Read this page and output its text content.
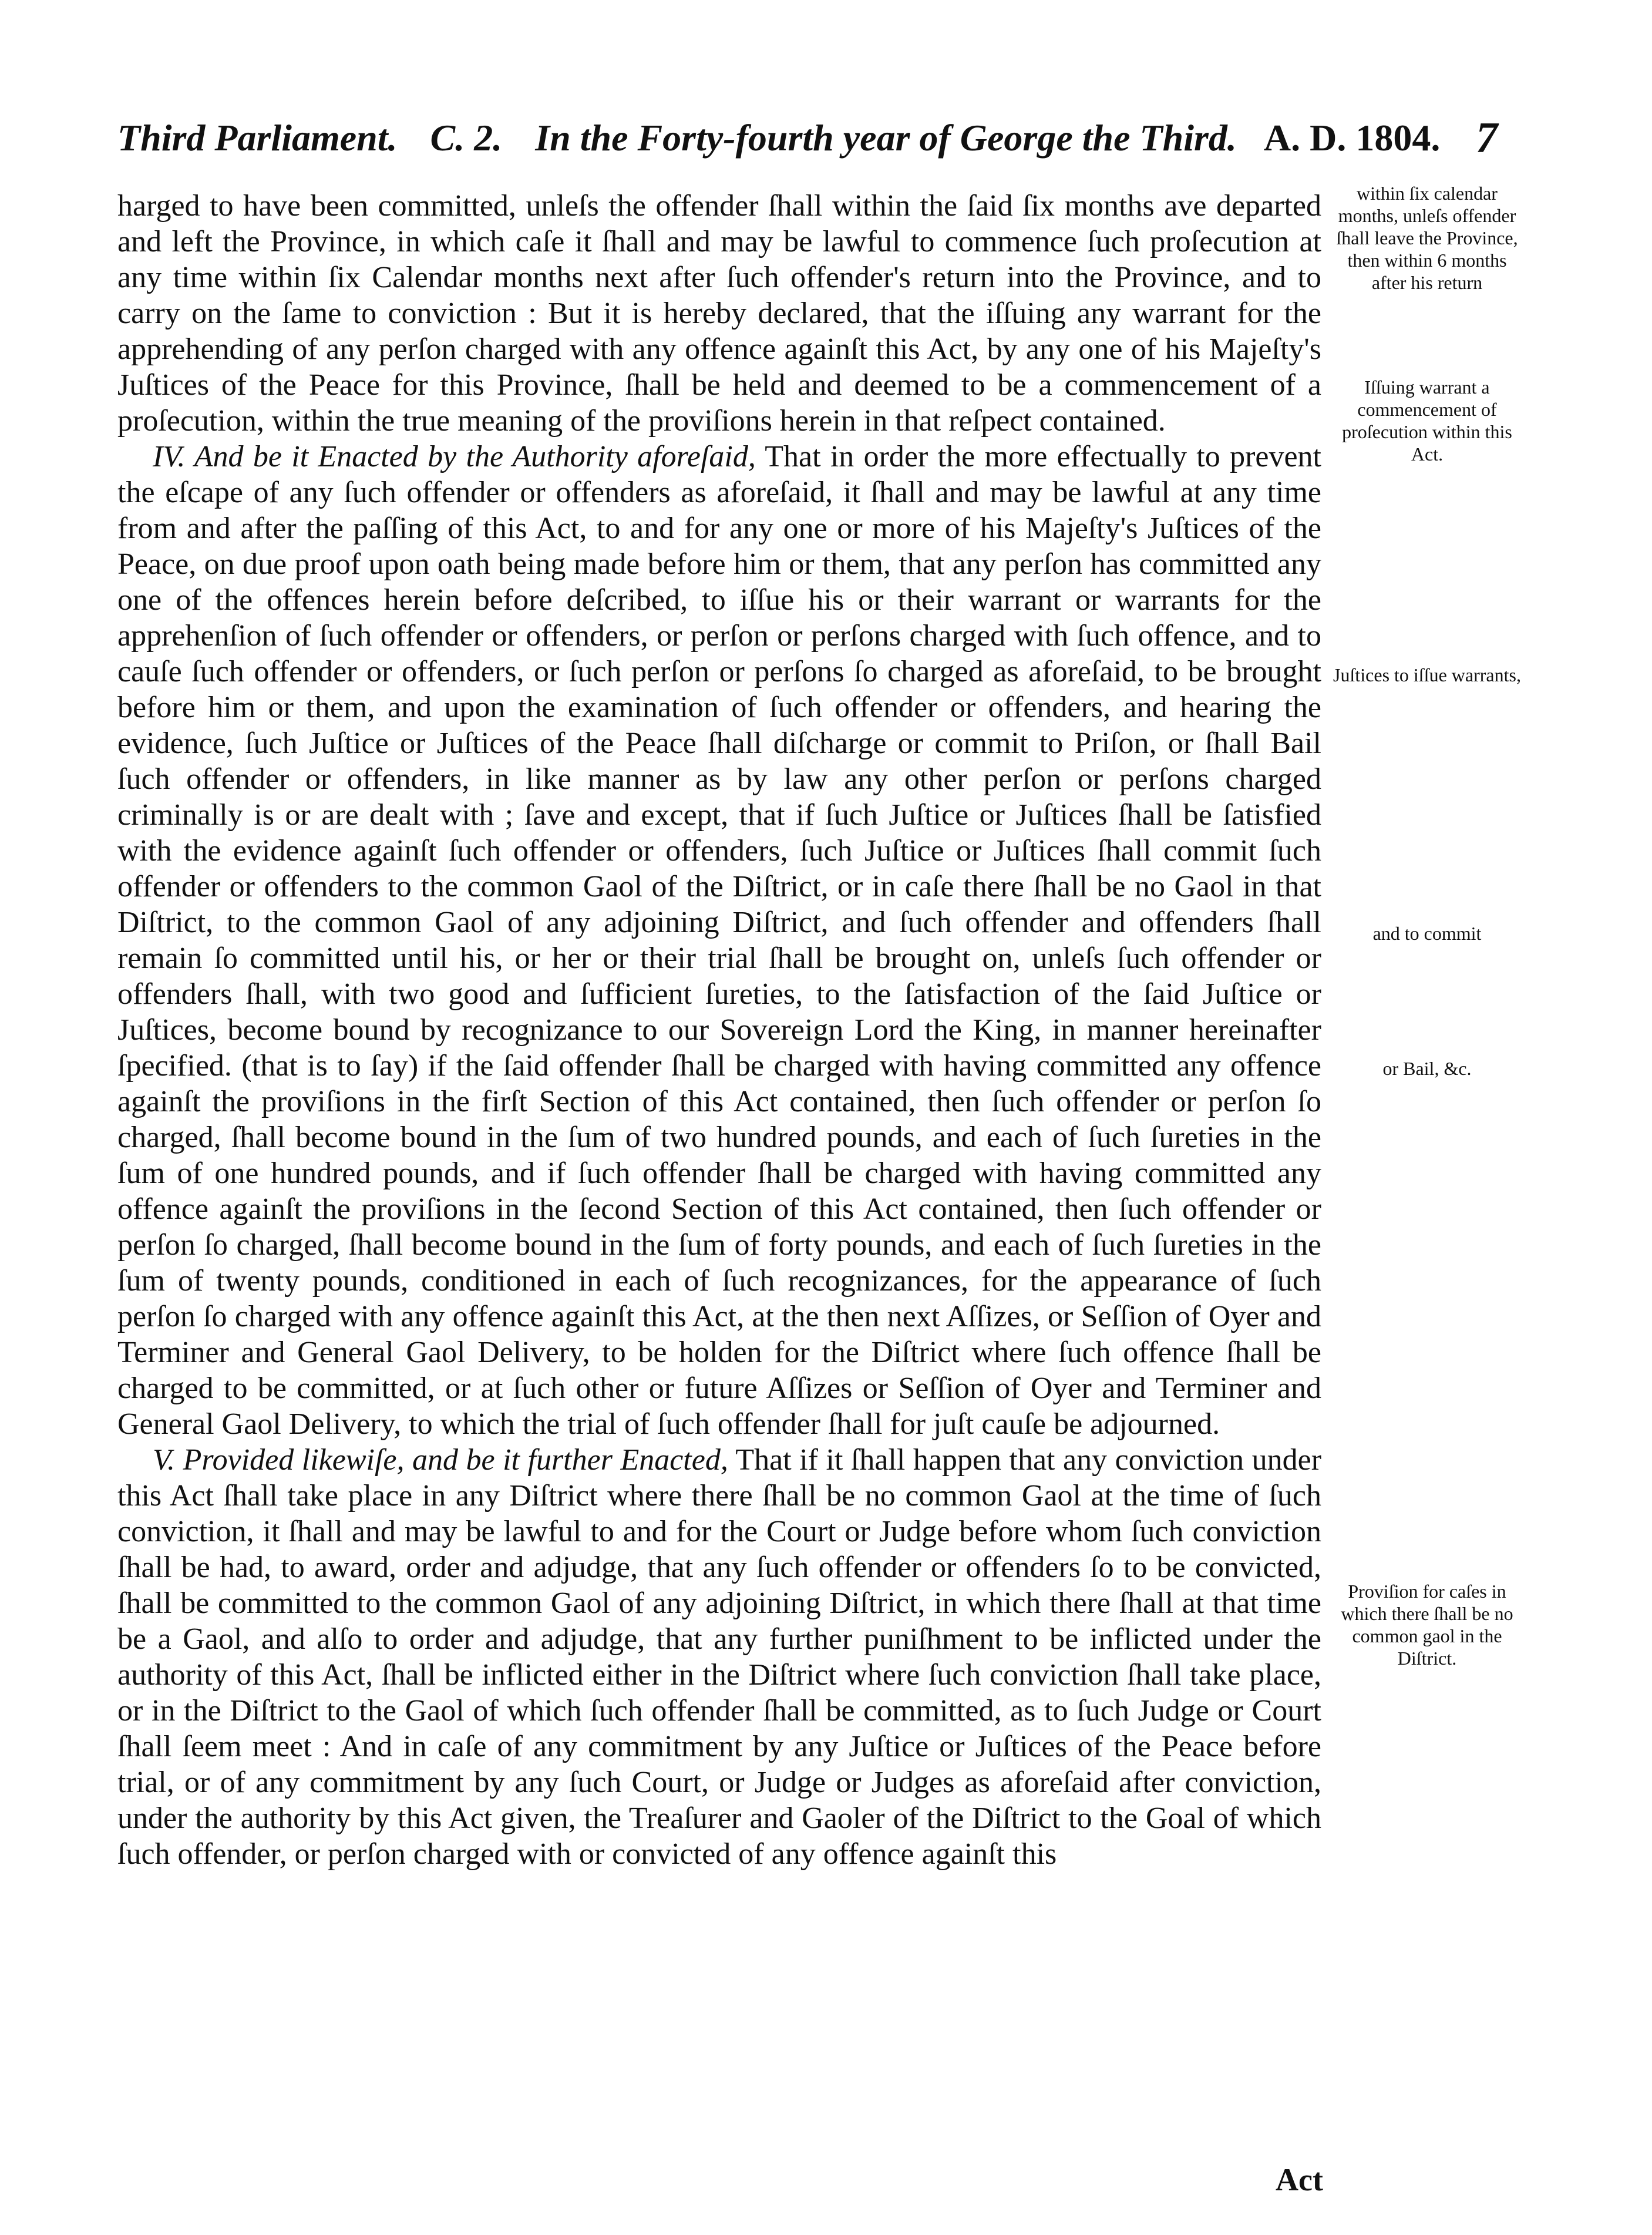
Third Parliament. C. 2. In the Forty-fourth year of George the Third. A. D. 1804. 7

harged to have been committed, unleſs the offender ſhall within the ſaid ſix months ave departed and left the Province, in which caſe it ſhall and may be lawful to commence ſuch proſecution at any time within ſix Calendar months next after ſuch offender's return into the Province, and to carry on the ſame to conviction : But it is hereby declared, that the iſſuing any warrant for the apprehending of any perſon charged with any offence againſt this Act, by any one of his Majeſty's Juſtices of the Peace for this Province, ſhall be held and deemed to be a commencement of a proſecution, within the true meaning of the proviſions herein in that reſpect contained.

IV. And be it Enacted by the Authority aforeſaid, That in order the more effectually to prevent the eſcape of any ſuch offender or offenders as aforeſaid, it ſhall and may be lawful at any time from and after the paſſing of this Act, to and for any one or more of his Majeſty's Juſtices of the Peace, on due proof upon oath being made before him or them, that any perſon has committed any one of the offences herein before deſcribed, to iſſue his or their warrant or warrants for the apprehenſion of ſuch offender or offenders, or perſon or perſons charged with ſuch offence, and to cauſe ſuch offender or offenders, or ſuch perſon or perſons ſo charged as aforeſaid, to be brought before him or them, and upon the examination of ſuch offender or offenders, and hearing the evidence, ſuch Juſtice or Juſtices of the Peace ſhall diſcharge or commit to Priſon, or ſhall Bail ſuch offender or offenders, in like manner as by law any other perſon or perſons charged criminally is or are dealt with ; ſave and except, that if ſuch Juſtice or Juſtices ſhall be ſatisfied with the evidence againſt ſuch offender or offenders, ſuch Juſtice or Juſtices ſhall commit ſuch offender or offenders to the common Gaol of the Diſtrict, or in caſe there ſhall be no Gaol in that Diſtrict, to the common Gaol of any adjoining Diſtrict, and ſuch offender and offenders ſhall remain ſo committed until his, or her or their trial ſhall be brought on, unleſs ſuch offender or offenders ſhall, with two good and ſufficient ſureties, to the ſatisfaction of the ſaid Juſtice or Juſtices, become bound by recognizance to our Sovereign Lord the King, in manner hereinafter ſpecified. (that is to ſay) if the ſaid offender ſhall be charged with having committed any offence againſt the proviſions in the firſt Section of this Act contained, then ſuch offender or perſon ſo charged, ſhall become bound in the ſum of two hundred pounds, and each of ſuch ſureties in the ſum of one hundred pounds, and if ſuch offender ſhall be charged with having committed any offence againſt the proviſions in the ſecond Section of this Act contained, then ſuch offender or perſon ſo charged, ſhall become bound in the ſum of forty pounds, and each of ſuch ſureties in the ſum of twenty pounds, conditioned in each of ſuch recognizances, for the appearance of ſuch perſon ſo charged with any offence againſt this Act, at the then next Aſſizes, or Seſſion of Oyer and Terminer and General Gaol Delivery, to be holden for the Diſtrict where ſuch offence ſhall be charged to be committed, or at ſuch other or future Aſſizes or Seſſion of Oyer and Terminer and General Gaol Delivery, to which the trial of ſuch offender ſhall for juſt cauſe be adjourned.

V. Provided likewiſe, and be it further Enacted, That if it ſhall happen that any conviction under this Act ſhall take place in any Diſtrict where there ſhall be no common Gaol at the time of ſuch conviction, it ſhall and may be lawful to and for the Court or Judge before whom ſuch conviction ſhall be had, to award, order and adjudge, that any ſuch offender or offenders ſo to be convicted, ſhall be committed to the common Gaol of any adjoining Diſtrict, in which there ſhall at that time be a Gaol, and alſo to order and adjudge, that any further puniſhment to be inflicted under the authority of this Act, ſhall be inflicted either in the Diſtrict where ſuch conviction ſhall take place, or in the Diſtrict to the Gaol of which ſuch offender ſhall be committed, as to ſuch Judge or Court ſhall ſeem meet : And in caſe of any commitment by any Juſtice or Juſtices of the Peace before trial, or of any commitment by any ſuch Court, or Judge or Judges as aforeſaid after conviction, under the authority by this Act given, the Treaſurer and Gaoler of the Diſtrict to the Goal of which ſuch offender, or perſon charged with or convicted of any offence againſt this

Act
within ſix calendar months, unleſs offender ſhall leave the Province, then within 6 months after his return
Iſſuing warrant a commencement of proſecution within this Act.
Juſtices to iſſue warrants,
and to commit
or Bail, &c.
Proviſion for caſes in which there ſhall be no common gaol in the Diſtrict.
